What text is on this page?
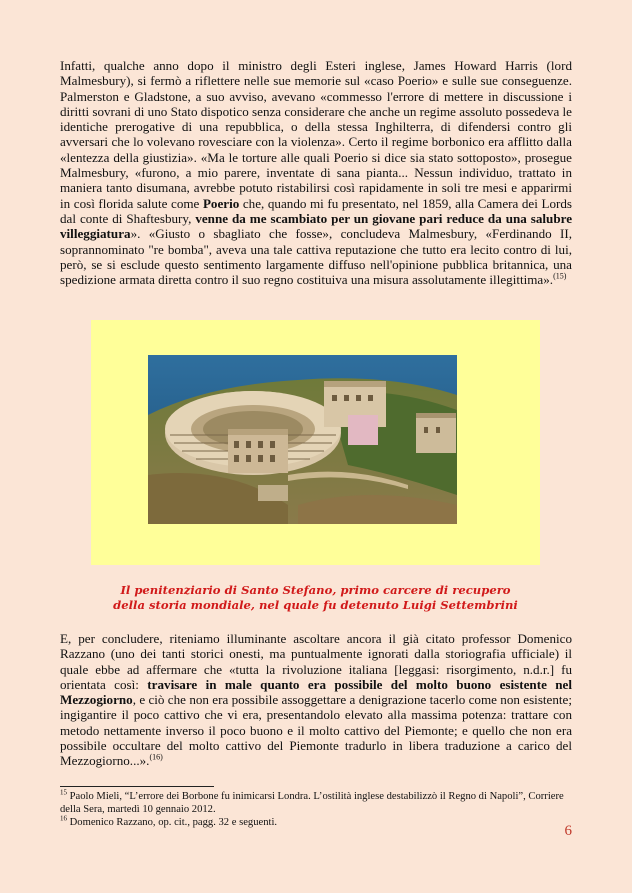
Infatti, qualche anno dopo il ministro degli Esteri inglese, James Howard Harris (lord Malmesbury), si fermò a riflettere nelle sue memorie sul «caso Poerio» e sulle sue conseguenze. Palmerston e Gladstone, a suo avviso, avevano «commesso l'errore di mettere in discussione i diritti sovrani di uno Stato dispotico senza considerare che anche un regime assoluto possedeva le identiche prerogative di una repubblica, o della stessa Inghilterra, di difendersi contro gli avversari che lo volevano rovesciare con la violenza». Certo il regime borbonico era afflitto dalla «lentezza della giustizia». «Ma le torture alle quali Poerio si dice sia stato sottoposto», prosegue Malmesbury, «furono, a mio parere, inventate di sana pianta... Nessun individuo, trattato in maniera tanto disumana, avrebbe potuto ristabilirsi così rapidamente in soli tre mesi e apparirmi in così florida salute come Poerio che, quando mi fu presentato, nel 1859, alla Camera dei Lords dal conte di Shaftesbury, venne da me scambiato per un giovane pari reduce da una salubre villeggiatura». «Giusto o sbagliato che fosse», concludeva Malmesbury, «Ferdinando II, soprannominato "re bomba", aveva una tale cattiva reputazione che tutto era lecito contro di lui, però, se si esclude questo sentimento largamente diffuso nell'opinione pubblica britannica, una spedizione armata diretta contro il suo regno costituiva una misura assolutamente illegittima».$^{(15)}$

Il penitenziario di Santo Stefano, primo carcere di recupero
della storia mondiale, nel quale fu detenuto Luigi Settembrini

E, per concludere, riteniamo illuminante ascoltare ancora il già citato professor Domenico Razzano (uno dei tanti storici onesti, ma puntualmente ignorati dalla storiografia ufficiale) il quale ebbe ad affermare che «tutta la rivoluzione italiana [leggasi: risorgimento, n.d.r.] fu orientata così: travisare in male quanto era possibile del molto buono esistente nel Mezzogiorno, e ciò che non era possibile assoggettare a denigrazione tacerlo come non esistente; ingigantire il poco cattivo che vi era, presentandolo elevato alla massima potenza: trattare con metodo nettamente inverso il poco buono e il molto cattivo del Piemonte; e quello che non era possibile occultare del molto cattivo del Piemonte tradurlo in libera traduzione a carico del Mezzogiorno...».$^{(16)}$

$^{15}$ Paolo Mieli, “L’errore dei Borbone fu inimicarsi Londra. L’ostilità inglese destabilizzò il Regno di Napoli”, Corriere della Sera, martedì 10 gennaio 2012.

$^{16}$ Domenico Razzano, op. cit., pagg. 32 e seguenti.

6
